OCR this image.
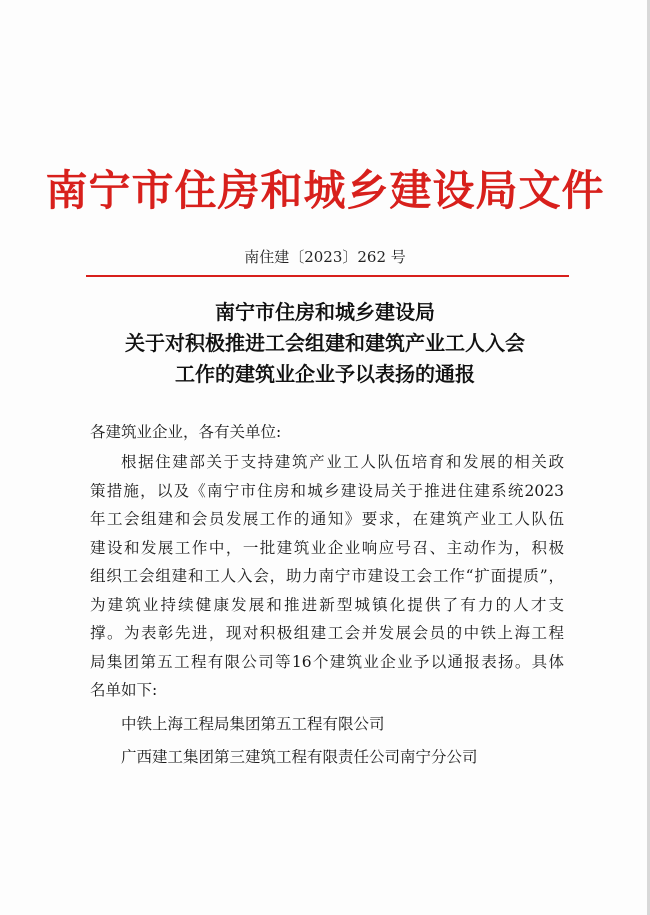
南宁市住房和城乡建设局文件
南住建〔2023〕262 号
南宁市住房和城乡建设局
关于对积极推进工会组建和建筑产业工人入会
工作的建筑业企业予以表扬的通报
各建筑业企业，各有关单位:
根据住建部关于支持建筑产业工人队伍培育和发展的相关政
策措施，以及《南宁市住房和城乡建设局关于推进住建系统2023
年工会组建和会员发展工作的通知》要求，在建筑产业工人队伍
建设和发展工作中，一批建筑业企业响应号召、主动作为，积极
组织工会组建和工人入会，助力南宁市建设工会工作“扩面提质”，
为建筑业持续健康发展和推进新型城镇化提供了有力的人才支
撑。为表彰先进，现对积极组建工会并发展会员的中铁上海工程
局集团第五工程有限公司等16个建筑业企业予以通报表扬。具体
名单如下:
中铁上海工程局集团第五工程有限公司
广西建工集团第三建筑工程有限责任公司南宁分公司
